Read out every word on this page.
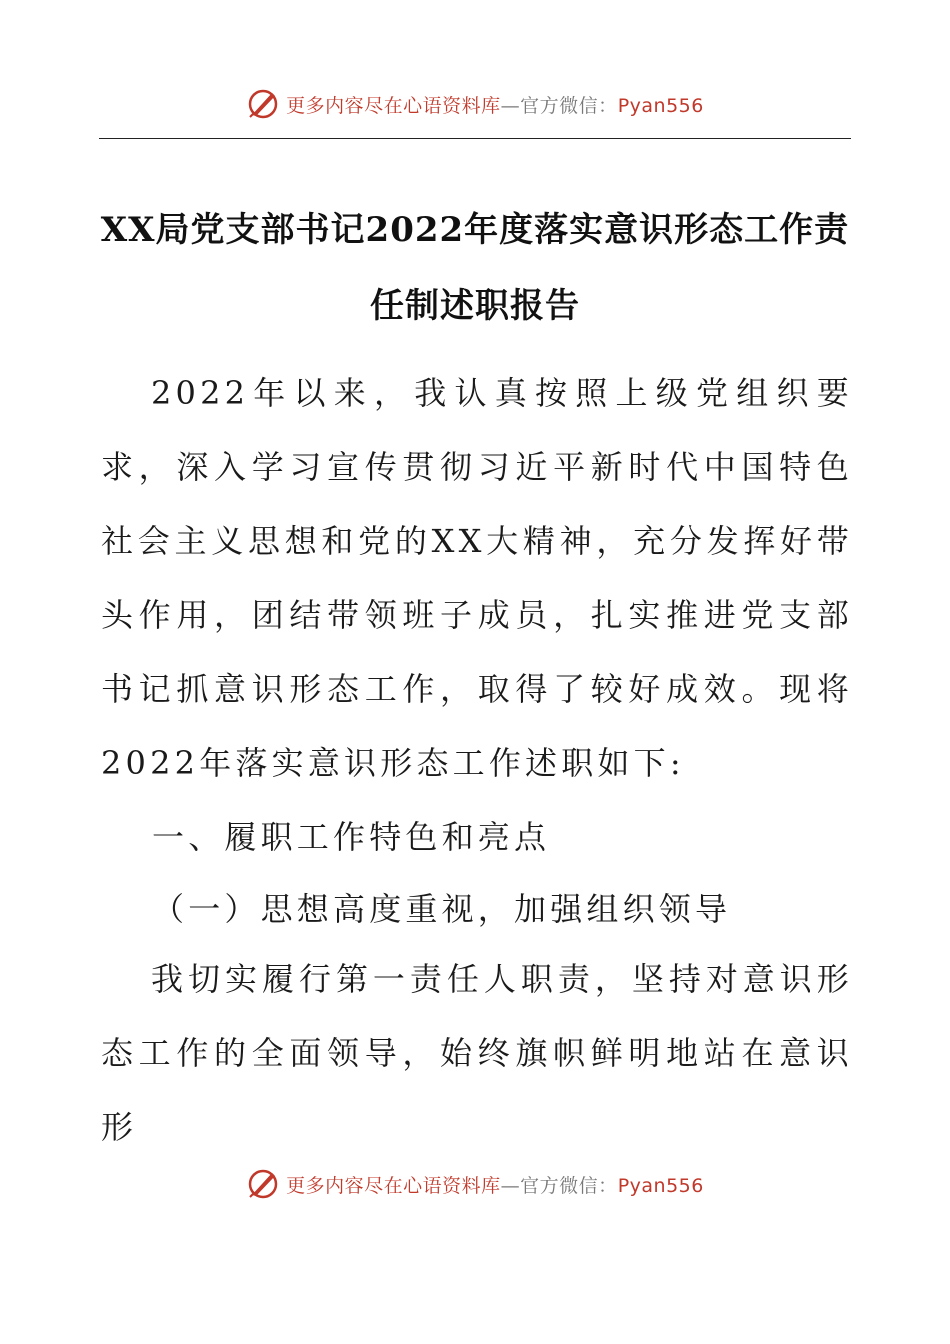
更多内容尽在心语资料库—官方微信：Pyan556
XX局党支部书记2022年度落实意识形态工作责
任制述职报告
2022年以来，我认真按照上级党组织要求，深入学习宣传贯彻习近平新时代中国特色社会主义思想和党的XX大精神，充分发挥好带头作用，团结带领班子成员，扎实推进党支部书记抓意识形态工作，取得了较好成效。现将2022年落实意识形态工作述职如下:
一、履职工作特色和亮点
（一）思想高度重视，加强组织领导
我切实履行第一责任人职责，坚持对意识形态工作的全面领导，始终旗帜鲜明地站在意识形
更多内容尽在心语资料库—官方微信：Pyan556
